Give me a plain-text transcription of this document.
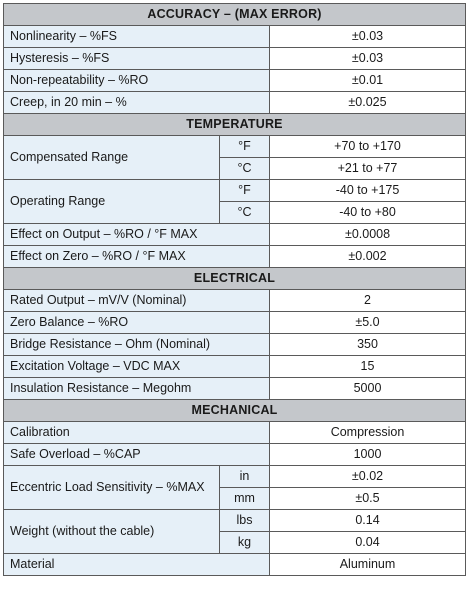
ACCURACY – (MAX ERROR)		
Nonlinearity – %FS		±0.03
Hysteresis – %FS		±0.03
Non-repeatability – %RO		±0.01
Creep, in 20 min – %		±0.025
TEMPERATURE		
Compensated Range	°F	+70 to +170
	°C	+21 to +77
Operating Range	°F	-40 to +175
	°C	-40 to +80
Effect on Output – %RO / °F MAX		±0.0008
Effect on Zero – %RO / °F MAX		±0.002
ELECTRICAL		
Rated Output – mV/V (Nominal)		2
Zero Balance – %RO		±5.0
Bridge Resistance – Ohm (Nominal)		350
Excitation Voltage – VDC MAX		15
Insulation Resistance – Megohm		5000
MECHANICAL		
Calibration		Compression
Safe Overload – %CAP		1000
Eccentric Load Sensitivity – %MAX	in	±0.02
	mm	±0.5
Weight (without the cable)	lbs	0.14
	kg	0.04
Material		Aluminum
